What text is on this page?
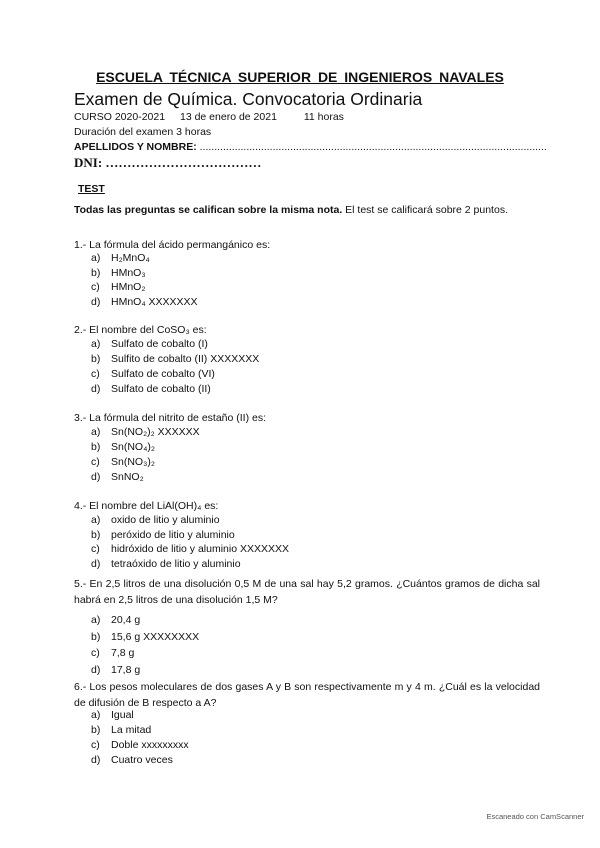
ESCUELA TÉCNICA SUPERIOR DE INGENIEROS NAVALES
Examen de Química. Convocatoria Ordinaria
CURSO 2020-2021 13 de enero de 2021	11 horas
Duración del examen 3 horas
APELLIDOS Y NOMBRE: .......................................................................................................................
DNI: ………………………………
TEST
Todas las preguntas se califican sobre la misma nota. El test se calificará sobre 2 puntos.
1.- La fórmula del ácido permangánico es:
a) H₂MnO₄
b) HMnO₃
c) HMnO₂
d) HMnO₄ XXXXXXX
2.- El nombre del CoSO₃ es:
a) Sulfato de cobalto (I)
b) Sulfito de cobalto (II) XXXXXXX
c) Sulfato de cobalto (VI)
d) Sulfato de cobalto (II)
3.- La fórmula del nitrito de estaño (II) es:
a) Sn(NO₂)₂ XXXXXX
b) Sn(NO₄)₂
c) Sn(NO₃)₂
d) SnNO₂
4.- El nombre del LiAl(OH)₄ es:
a) oxido de litio y aluminio
b) peróxido de litio y aluminio
c) hidróxido de litio y aluminio XXXXXXX
d) tetraóxido de litio y aluminio
5.- En 2,5 litros de una disolución 0,5 M de una sal hay 5,2 gramos. ¿Cuántos gramos de dicha sal habrá en 2,5 litros de una disolución 1,5 M?
a) 20,4 g
b) 15,6 g XXXXXXXX
c) 7,8 g
d) 17,8 g
6.- Los pesos moleculares de dos gases A y B son respectivamente m y 4 m. ¿Cuál es la velocidad de difusión de B respecto a A?
a) Igual
b) La mitad
c) Doble xxxxxxxxx
d) Cuatro veces
Escaneado con CamScanner
